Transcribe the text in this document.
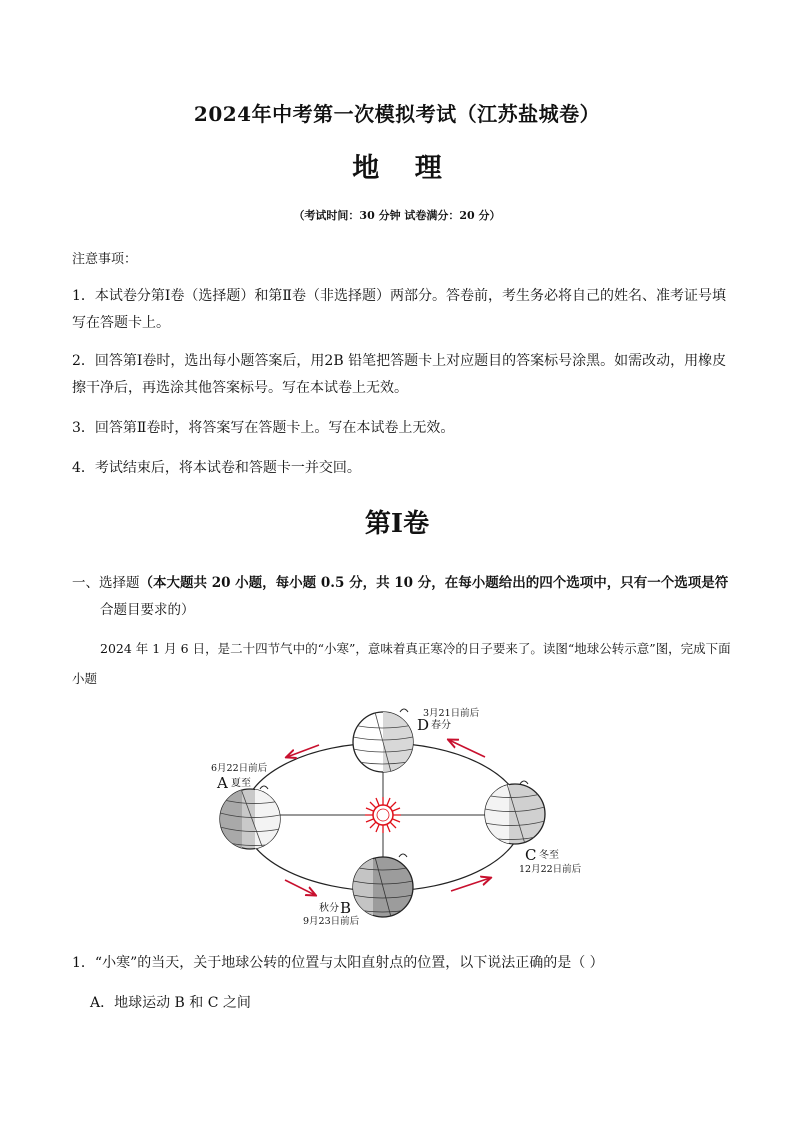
2024年中考第一次模拟考试（江苏盐城卷）
地 理
（考试时间：30 分钟 试卷满分：20 分）
注意事项：
1．本试卷分第Ⅰ卷（选择题）和第Ⅱ卷（非选择题）两部分。答卷前，考生务必将自己的姓名、准考证号填写在答题卡上。
2．回答第Ⅰ卷时，选出每小题答案后，用2B 铅笔把答题卡上对应题目的答案标号涂黑。如需改动，用橡皮擦干净后，再选涂其他答案标号。写在本试卷上无效。
3．回答第Ⅱ卷时，将答案写在答题卡上。写在本试卷上无效。
4．考试结束后，将本试卷和答题卡一并交回。
第Ⅰ卷
一、选择题（本大题共 20 小题，每小题 0.5 分，共 10 分，在每小题给出的四个选项中，只有一个选项是符
合题目要求的）
2024 年 1 月 6 日，是二十四节气中的“小寒”，意味着真正寒冷的日子要来了。读图“地球公转示意”图，完成下面小题
3月21日前后
D 春分
6月22日前后
A 夏至
C 冬至
12月22日前后
秋分 B
9月23日前后
1．“小寒”的当天，关于地球公转的位置与太阳直射点的位置，以下说法正确的是（ ）
A．地球运动 B 和 C 之间
